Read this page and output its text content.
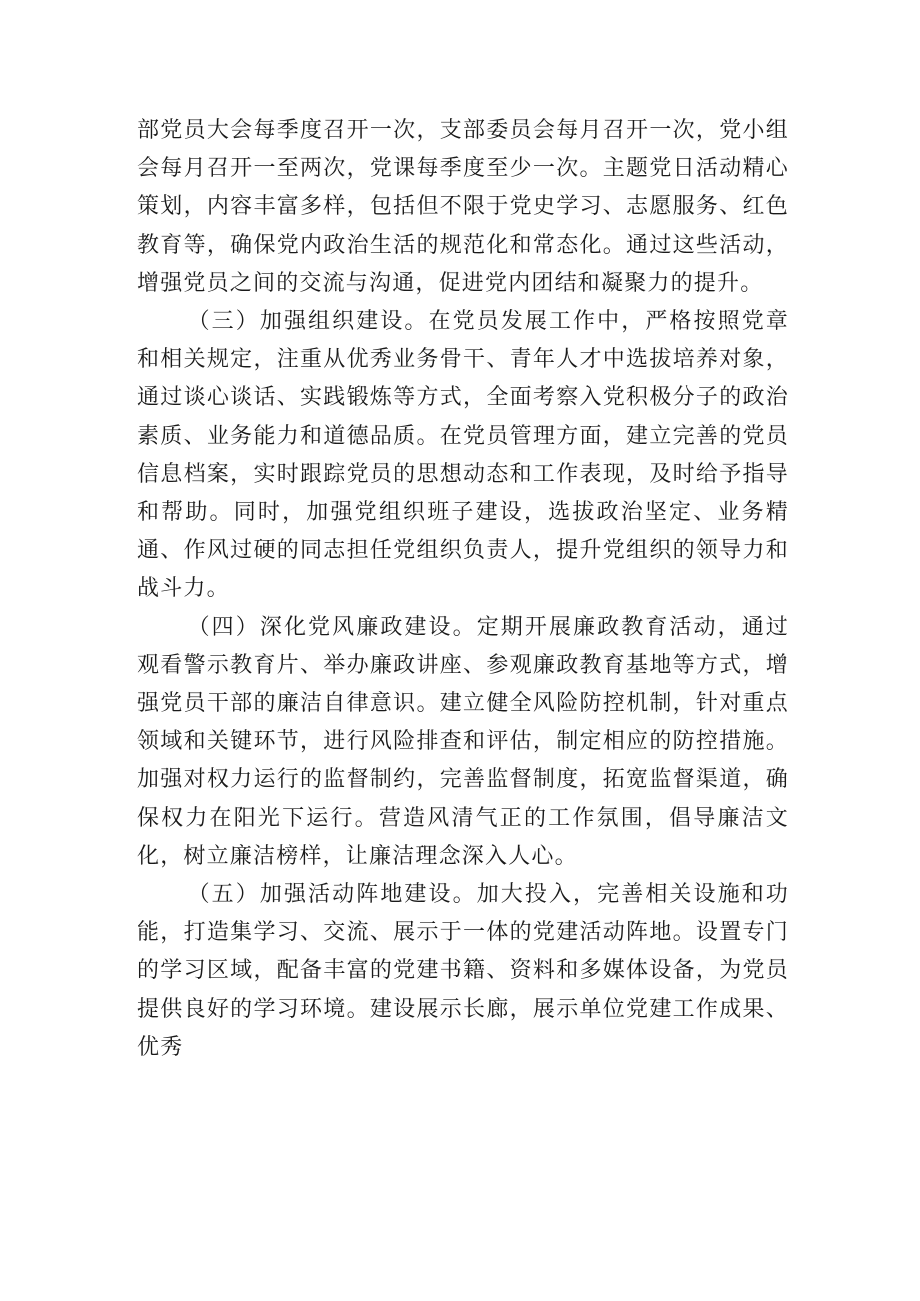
部党员大会每季度召开一次，支部委员会每月召开一次，党小组会每月召开一至两次，党课每季度至少一次。主题党日活动精心策划，内容丰富多样，包括但不限于党史学习、志愿服务、红色教育等，确保党内政治生活的规范化和常态化。通过这些活动，增强党员之间的交流与沟通，促进党内团结和凝聚力的提升。

（三）加强组织建设。在党员发展工作中，严格按照党章和相关规定，注重从优秀业务骨干、青年人才中选拔培养对象，通过谈心谈话、实践锻炼等方式，全面考察入党积极分子的政治素质、业务能力和道德品质。在党员管理方面，建立完善的党员信息档案，实时跟踪党员的思想动态和工作表现，及时给予指导和帮助。同时，加强党组织班子建设，选拔政治坚定、业务精通、作风过硬的同志担任党组织负责人，提升党组织的领导力和战斗力。

（四）深化党风廉政建设。定期开展廉政教育活动，通过观看警示教育片、举办廉政讲座、参观廉政教育基地等方式，增强党员干部的廉洁自律意识。建立健全风险防控机制，针对重点领域和关键环节，进行风险排查和评估，制定相应的防控措施。加强对权力运行的监督制约，完善监督制度，拓宽监督渠道，确保权力在阳光下运行。营造风清气正的工作氛围，倡导廉洁文化，树立廉洁榜样，让廉洁理念深入人心。

（五）加强活动阵地建设。加大投入，完善相关设施和功能，打造集学习、交流、展示于一体的党建活动阵地。设置专门的学习区域，配备丰富的党建书籍、资料和多媒体设备，为党员提供良好的学习环境。建设展示长廊，展示单位党建工作成果、优秀
